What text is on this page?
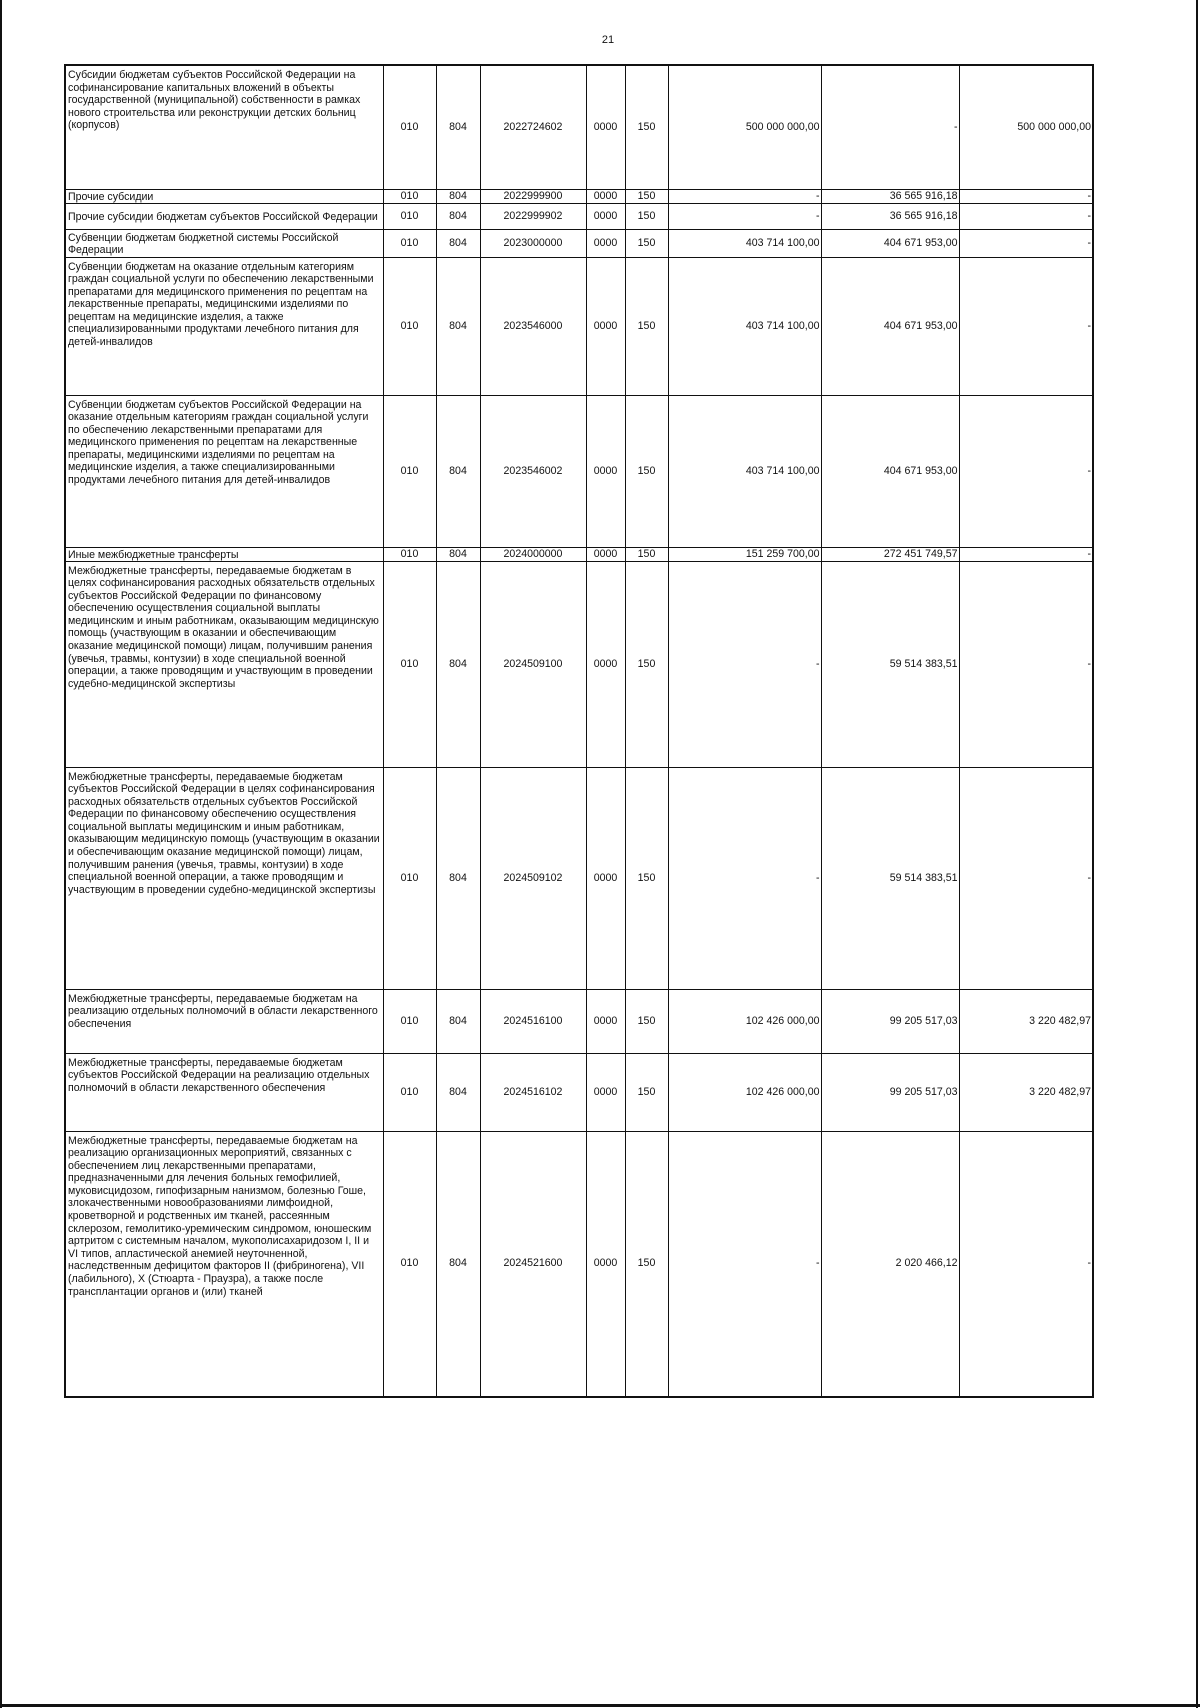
21
Субсидии бюджетам субъектов Российской Федерации на софинансирование капитальных вложений в объекты государственной (муниципальной) собственности в рамках нового строительства или реконструкции детских больниц (корпусов)	010	804	2022724602	0000	150	500 000 000,00	-	500 000 000,00
Прочие субсидии	010	804	2022999900	0000	150	-	36 565 916,18	-
Прочие субсидии бюджетам субъектов Российской Федерации	010	804	2022999902	0000	150	-	36 565 916,18	-
Субвенции бюджетам бюджетной системы Российской Федерации	010	804	2023000000	0000	150	403 714 100,00	404 671 953,00	-
Субвенции бюджетам на оказание отдельным категориям граждан социальной услуги по обеспечению лекарственными препаратами для медицинского применения по рецептам на лекарственные препараты, медицинскими изделиями по рецептам на медицинские изделия, а также специализированными продуктами лечебного питания для детей-инвалидов	010	804	2023546000	0000	150	403 714 100,00	404 671 953,00	-
Субвенции бюджетам субъектов Российской Федерации на оказание отдельным категориям граждан социальной услуги по обеспечению лекарственными препаратами для медицинского применения по рецептам на лекарственные препараты, медицинскими изделиями по рецептам на медицинские изделия, а также специализированными продуктами лечебного питания для детей-инвалидов	010	804	2023546002	0000	150	403 714 100,00	404 671 953,00	-
Иные межбюджетные трансферты	010	804	2024000000	0000	150	151 259 700,00	272 451 749,57	-
Межбюджетные трансферты, передаваемые бюджетам в целях софинансирования расходных обязательств отдельных субъектов Российской Федерации по финансовому обеспечению осуществления социальной выплаты медицинским и иным работникам, оказывающим медицинскую помощь (участвующим в оказании и обеспечивающим оказание медицинской помощи) лицам, получившим ранения (увечья, травмы, контузии) в ходе специальной военной операции, а также проводящим и участвующим в проведении судебно-медицинской экспертизы	010	804	2024509100	0000	150	-	59 514 383,51	-
Межбюджетные трансферты, передаваемые бюджетам субъектов Российской Федерации в целях софинансирования расходных обязательств отдельных субъектов Российской Федерации по финансовому обеспечению осуществления социальной выплаты медицинским и иным работникам, оказывающим медицинскую помощь (участвующим в оказании и обеспечивающим оказание медицинской помощи) лицам, получившим ранения (увечья, травмы, контузии) в ходе специальной военной операции, а также проводящим и участвующим в проведении судебно-медицинской экспертизы	010	804	2024509102	0000	150	-	59 514 383,51	-
Межбюджетные трансферты, передаваемые бюджетам на реализацию отдельных полномочий в области лекарственного обеспечения	010	804	2024516100	0000	150	102 426 000,00	99 205 517,03	3 220 482,97
Межбюджетные трансферты, передаваемые бюджетам субъектов Российской Федерации на реализацию отдельных полномочий в области лекарственного обеспечения	010	804	2024516102	0000	150	102 426 000,00	99 205 517,03	3 220 482,97
Межбюджетные трансферты, передаваемые бюджетам на реализацию организационных мероприятий, связанных с обеспечением лиц лекарственными препаратами, предназначенными для лечения больных гемофилией, муковисцидозом, гипофизарным нанизмом, болезнью Гоше, злокачественными новообразованиями лимфоидной, кроветворной и родственных им тканей, рассеянным склерозом, гемолитико-уремическим синдромом, юношеским артритом с системным началом, мукополисахаридозом I, II и VI типов, апластической анемией неуточненной, наследственным дефицитом факторов II (фибриногена), VII (лабильного), X (Стюарта - Праузра), а также после трансплантации органов и (или) тканей	010	804	2024521600	0000	150	-	2 020 466,12	-
